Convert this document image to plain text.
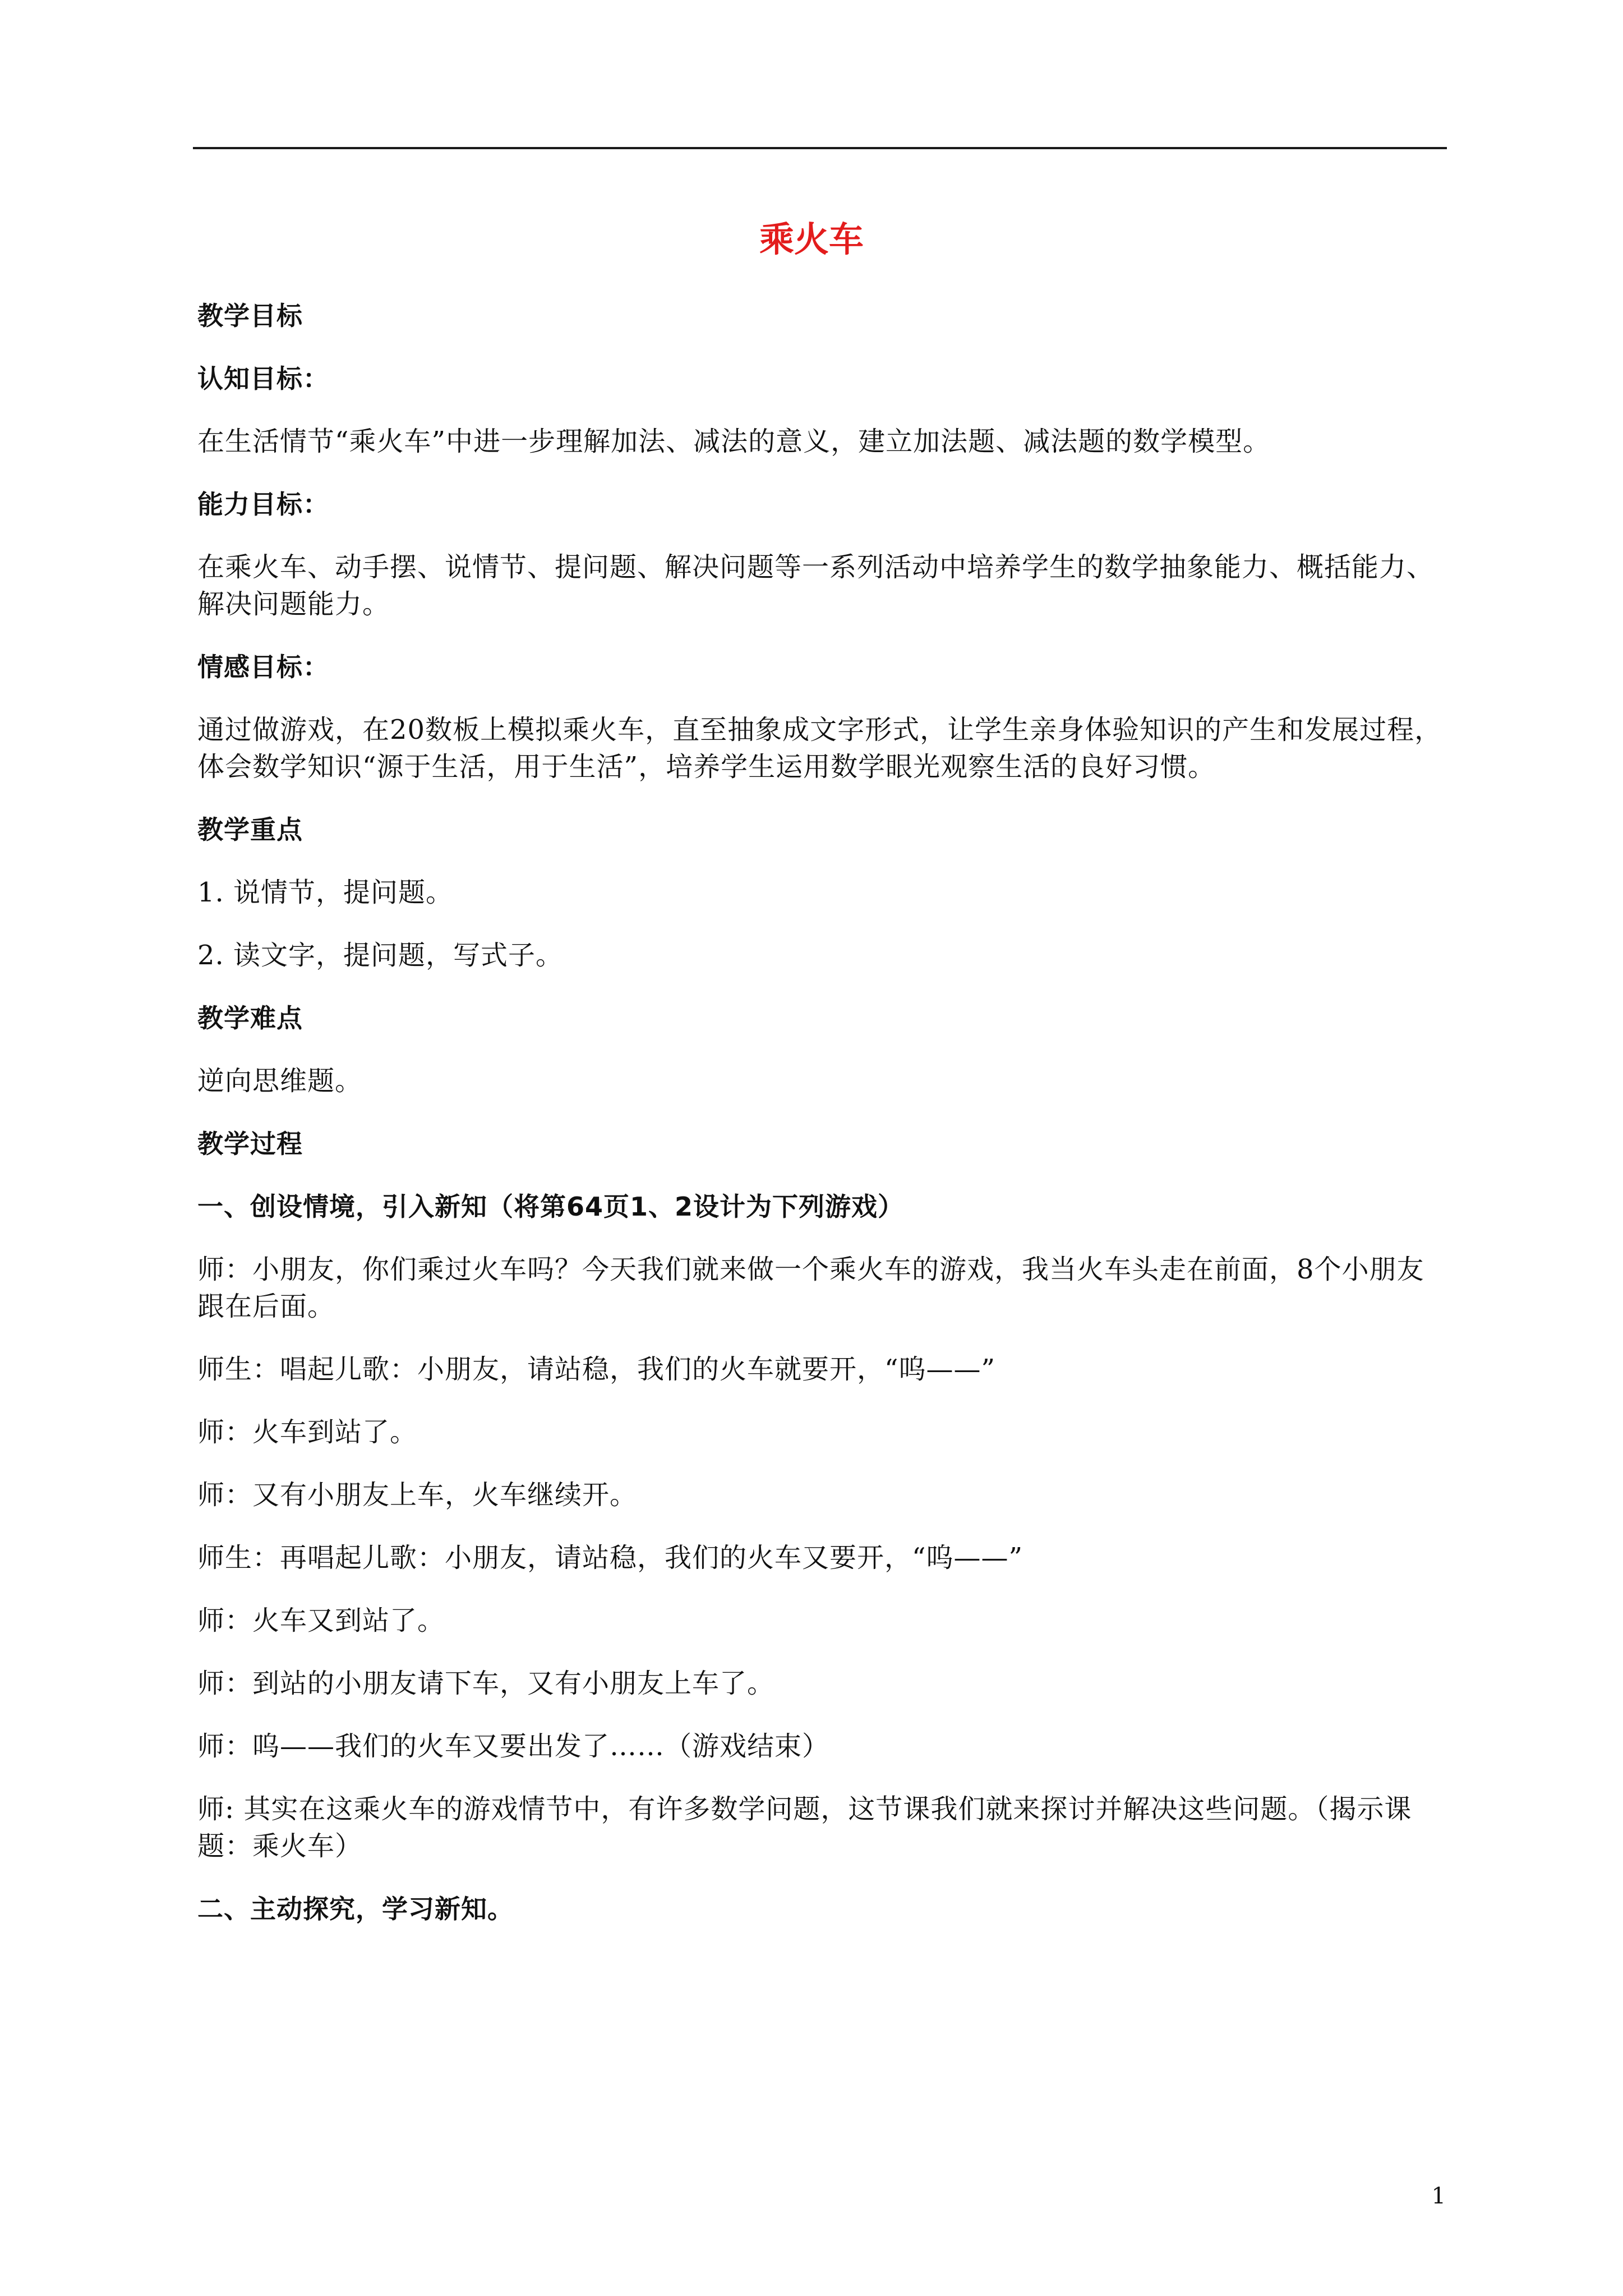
乘火车
教学目标
认知目标：
在生活情节“乘火车”中进一步理解加法、减法的意义，建立加法题、减法题的数学模型。
能力目标：
在乘火车、动手摆、说情节、提问题、解决问题等一系列活动中培养学生的数学抽象能力、概括能力、解决问题能力。
情感目标：
通过做游戏，在20数板上模拟乘火车，直至抽象成文字形式，让学生亲身体验知识的产生和发展过程，体会数学知识“源于生活，用于生活”，培养学生运用数学眼光观察生活的良好习惯。
教学重点
1. 说情节，提问题。
2. 读文字，提问题，写式子。
教学难点
逆向思维题。
教学过程
一、创设情境，引入新知（将第64页1、2设计为下列游戏）
师：小朋友，你们乘过火车吗？今天我们就来做一个乘火车的游戏，我当火车头走在前面，8个小朋友跟在后面。
师生：唱起儿歌：小朋友，请站稳，我们的火车就要开，“呜——”
师：火车到站了。
师：又有小朋友上车，火车继续开。
师生：再唱起儿歌：小朋友，请站稳，我们的火车又要开，“呜——”
师：火车又到站了。
师：到站的小朋友请下车，又有小朋友上车了。
师：呜——我们的火车又要出发了……（游戏结束）
师: 其实在这乘火车的游戏情节中，有许多数学问题，这节课我们就来探讨并解决这些问题。（揭示课题：乘火车）
二、主动探究，学习新知。
1
